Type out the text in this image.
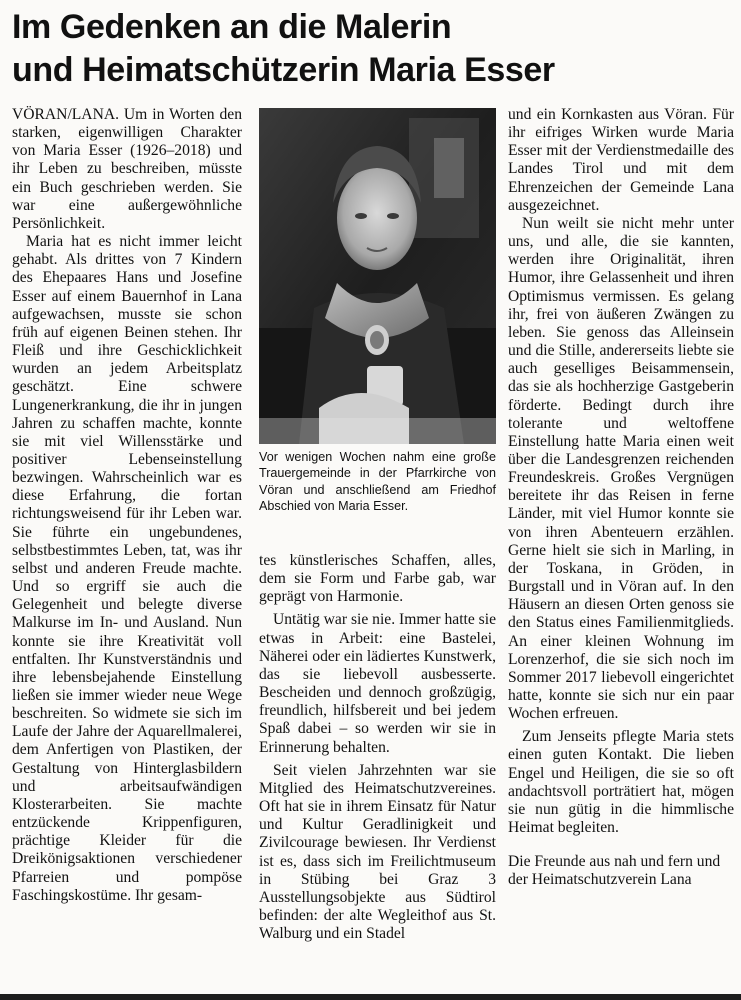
Im Gedenken an die Malerin
und Heimatschützerin Maria Esser

VÖRAN/LANA. Um in Worten den starken, eigenwilligen Charakter von Maria Esser (1926–2018) und ihr Leben zu beschreiben, müsste ein Buch geschrieben werden. Sie war eine außergewöhnliche Persönlichkeit.

Maria hat es nicht immer leicht gehabt. Als drittes von 7 Kindern des Ehepaares Hans und Josefine Esser auf einem Bauernhof in Lana aufgewachsen, musste sie schon früh auf eigenen Beinen stehen. Ihr Fleiß und ihre Geschicklichkeit wurden an jedem Arbeitsplatz geschätzt. Eine schwere Lungenerkrankung, die ihr in jungen Jahren zu schaffen machte, konnte sie mit viel Willensstärke und positiver Lebenseinstellung bezwingen. Wahrscheinlich war es diese Erfahrung, die fortan richtungsweisend für ihr Leben war. Sie führte ein ungebundenes, selbstbestimmtes Leben, tat, was ihr selbst und anderen Freude machte. Und so ergriff sie auch die Gelegenheit und belegte diverse Malkurse im In- und Ausland. Nun konnte sie ihre Kreativität voll entfalten. Ihr Kunstverständnis und ihre lebensbejahende Einstellung ließen sie immer wieder neue Wege beschreiten. So widmete sie sich im Laufe der Jahre der Aquarellmalerei, dem Anfertigen von Plastiken, der Gestaltung von Hinterglasbildern und arbeitsaufwändigen Klosterarbeiten. Sie machte entzückende Krippenfiguren, prächtige Kleider für die Dreikönigsaktionen verschiedener Pfarreien und pompöse Faschingskostüme. Ihr gesam-

Vor wenigen Wochen nahm eine große Trauergemeinde in der Pfarrkirche von Vöran und anschließend am Friedhof Abschied von Maria Esser.

tes künstlerisches Schaffen, alles, dem sie Form und Farbe gab, war geprägt von Harmonie.

Untätig war sie nie. Immer hatte sie etwas in Arbeit: eine Bastelei, Näherei oder ein lädiertes Kunstwerk, das sie liebevoll ausbesserte. Bescheiden und dennoch großzügig, freundlich, hilfsbereit und bei jedem Spaß dabei – so werden wir sie in Erinnerung behalten.

Seit vielen Jahrzehnten war sie Mitglied des Heimatschutzvereines. Oft hat sie in ihrem Einsatz für Natur und Kultur Geradlinigkeit und Zivilcourage bewiesen. Ihr Verdienst ist es, dass sich im Freilichtmuseum in Stübing bei Graz 3 Ausstellungsobjekte aus Südtirol befinden: der alte Wegleithof aus St. Walburg und ein Stadel

und ein Kornkasten aus Vöran. Für ihr eifriges Wirken wurde Maria Esser mit der Verdienstmedaille des Landes Tirol und mit dem Ehrenzeichen der Gemeinde Lana ausgezeichnet.

Nun weilt sie nicht mehr unter uns, und alle, die sie kannten, werden ihre Originalität, ihren Humor, ihre Gelassenheit und ihren Optimismus vermissen. Es gelang ihr, frei von äußeren Zwängen zu leben. Sie genoss das Alleinsein und die Stille, andererseits liebte sie auch geselliges Beisammensein, das sie als hochherzige Gastgeberin förderte. Bedingt durch ihre tolerante und weltoffene Einstellung hatte Maria einen weit über die Landesgrenzen reichenden Freundeskreis. Großes Vergnügen bereitete ihr das Reisen in ferne Länder, mit viel Humor konnte sie von ihren Abenteuern erzählen. Gerne hielt sie sich in Marling, in der Toskana, in Gröden, in Burgstall und in Vöran auf. In den Häusern an diesen Orten genoss sie den Status eines Familienmitglieds. An einer kleinen Wohnung im Lorenzerhof, die sie sich noch im Sommer 2017 liebevoll eingerichtet hatte, konnte sie sich nur ein paar Wochen erfreuen.

Zum Jenseits pflegte Maria stets einen guten Kontakt. Die lieben Engel und Heiligen, die sie so oft andachtsvoll porträtiert hat, mögen sie nun gütig in die himmlische Heimat begleiten.

Die Freunde aus nah und fern und der Heimatschutzverein Lana
